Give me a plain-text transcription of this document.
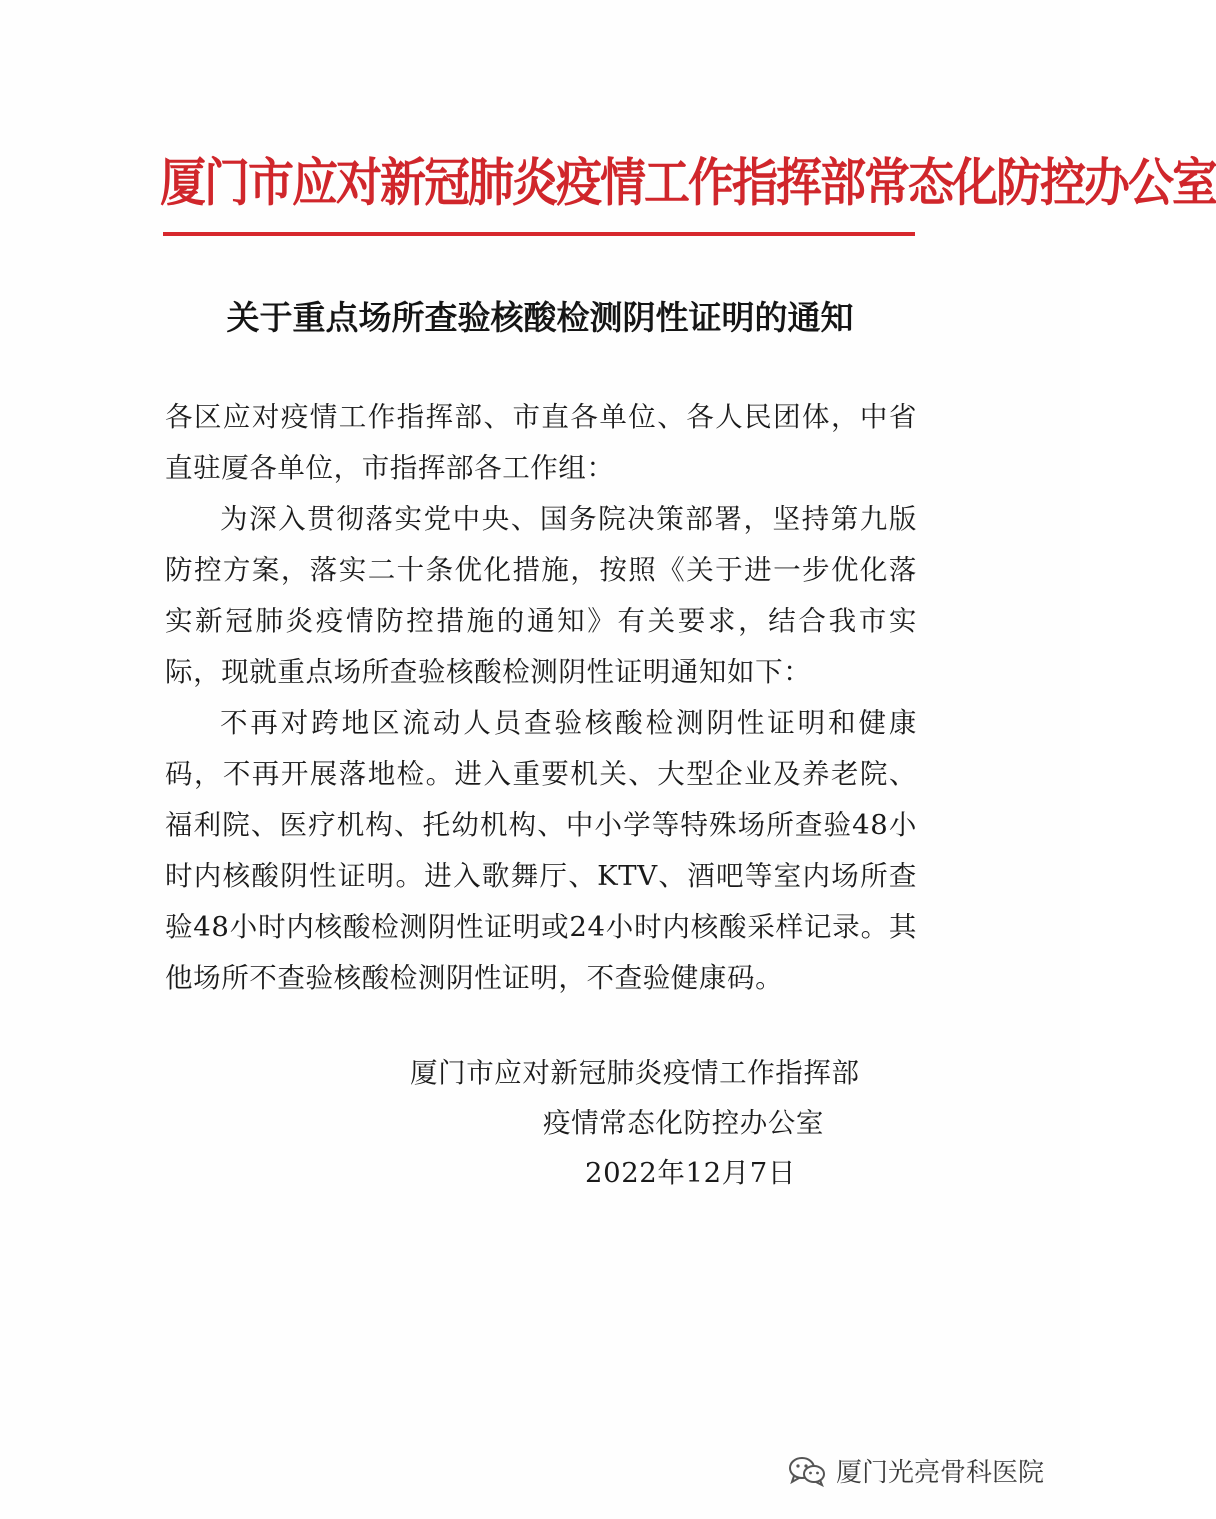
厦门市应对新冠肺炎疫情工作指挥部常态化防控办公室
关于重点场所查验核酸检测阴性证明的通知

各区应对疫情工作指挥部、市直各单位、各人民团体，中省直驻厦各单位，市指挥部各工作组：

为深入贯彻落实党中央、国务院决策部署，坚持第九版防控方案，落实二十条优化措施，按照《关于进一步优化落实新冠肺炎疫情防控措施的通知》有关要求，结合我市实际，现就重点场所查验核酸检测阴性证明通知如下：

不再对跨地区流动人员查验核酸检测阴性证明和健康码，不再开展落地检。进入重要机关、大型企业及养老院、福利院、医疗机构、托幼机构、中小学等特殊场所查验48小时内核酸阴性证明。进入歌舞厅、KTV、酒吧等室内场所查验48小时内核酸检测阴性证明或24小时内核酸采样记录。其他场所不查验核酸检测阴性证明，不查验健康码。

厦门市应对新冠肺炎疫情工作指挥部
疫情常态化防控办公室
2022年12月7日
厦门光亮骨科医院
